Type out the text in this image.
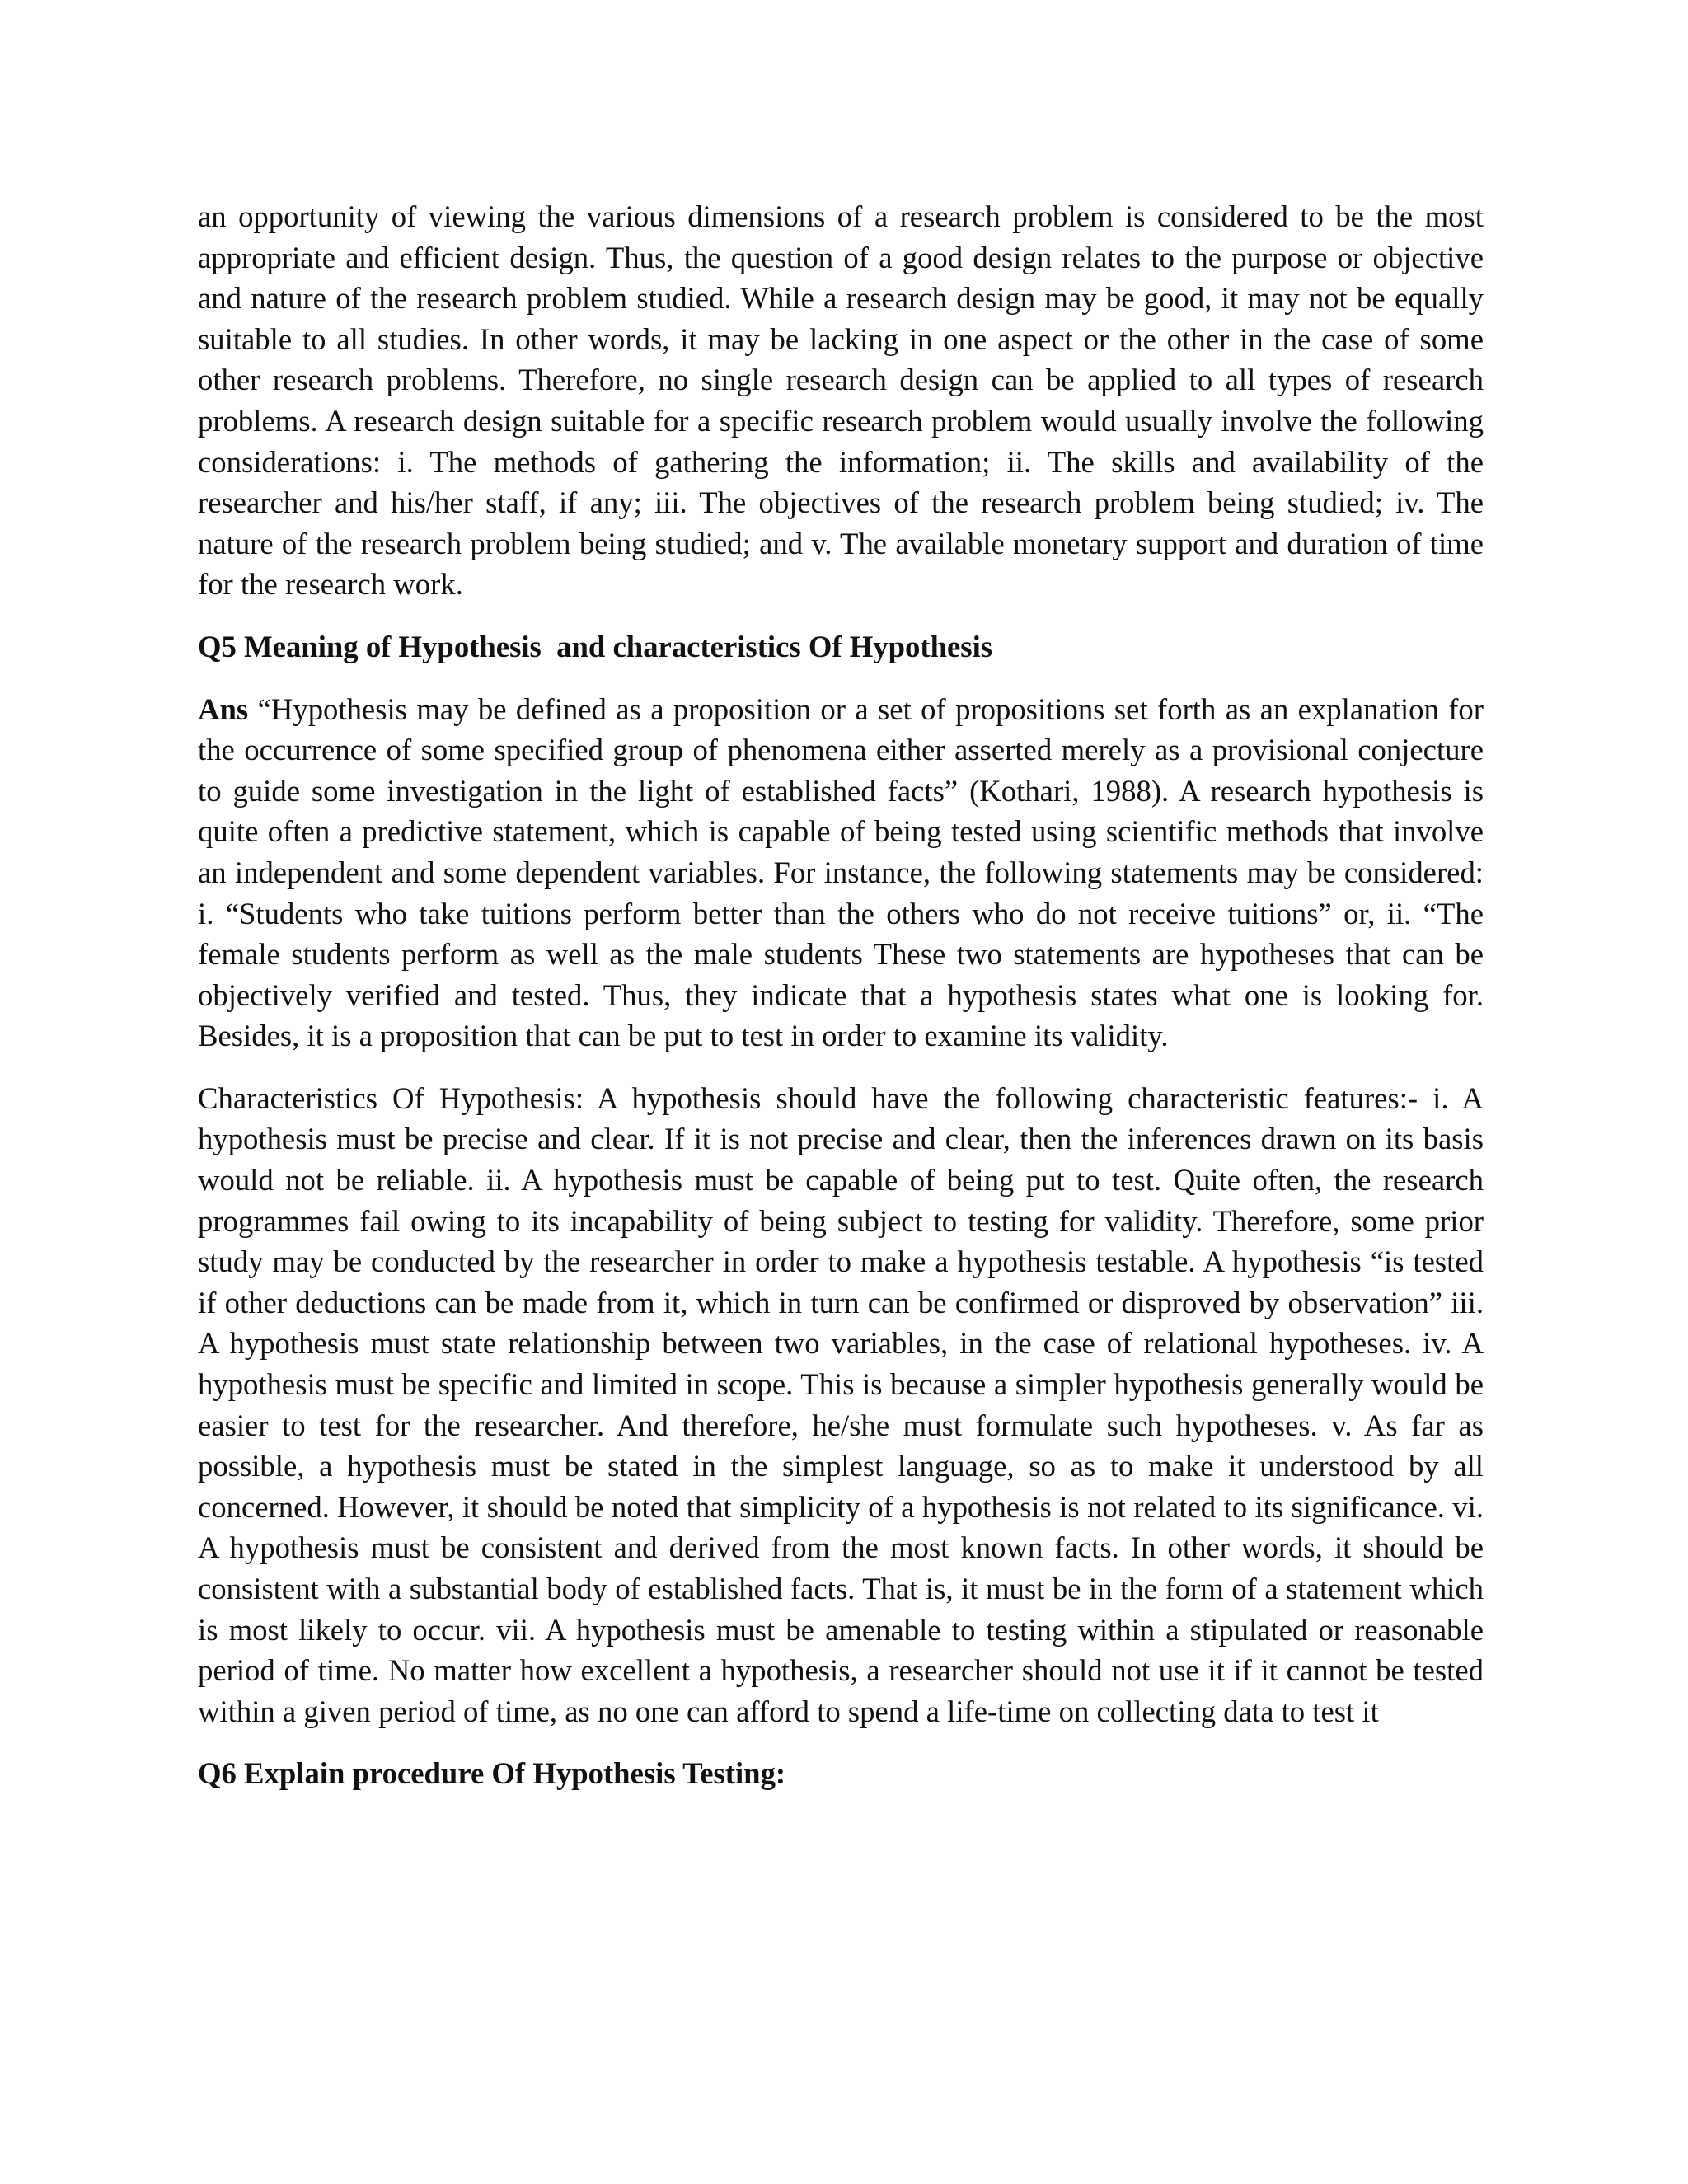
an opportunity of viewing the various dimensions of a research problem is considered to be the most appropriate and efficient design. Thus, the question of a good design relates to the purpose or objective and nature of the research problem studied. While a research design may be good, it may not be equally suitable to all studies. In other words, it may be lacking in one aspect or the other in the case of some other research problems. Therefore, no single research design can be applied to all types of research problems. A research design suitable for a specific research problem would usually involve the following considerations: i. The methods of gathering the information; ii. The skills and availability of the researcher and his/her staff, if any; iii. The objectives of the research problem being studied; iv. The nature of the research problem being studied; and v. The available monetary support and duration of time for the research work.

Q5 Meaning of Hypothesis  and characteristics Of Hypothesis

Ans “Hypothesis may be defined as a proposition or a set of propositions set forth as an explanation for the occurrence of some specified group of phenomena either asserted merely as a provisional conjecture to guide some investigation in the light of established facts” (Kothari, 1988). A research hypothesis is quite often a predictive statement, which is capable of being tested using scientific methods that involve an independent and some dependent variables. For instance, the following statements may be considered: i. “Students who take tuitions perform better than the others who do not receive tuitions” or, ii. “The female students perform as well as the male students These two statements are hypotheses that can be objectively verified and tested. Thus, they indicate that a hypothesis states what one is looking for. Besides, it is a proposition that can be put to test in order to examine its validity.

Characteristics Of Hypothesis: A hypothesis should have the following characteristic features:- i. A hypothesis must be precise and clear. If it is not precise and clear, then the inferences drawn on its basis would not be reliable. ii. A hypothesis must be capable of being put to test. Quite often, the research programmes fail owing to its incapability of being subject to testing for validity. Therefore, some prior study may be conducted by the researcher in order to make a hypothesis testable. A hypothesis “is tested if other deductions can be made from it, which in turn can be confirmed or disproved by observation” iii. A hypothesis must state relationship between two variables, in the case of relational hypotheses. iv. A hypothesis must be specific and limited in scope. This is because a simpler hypothesis generally would be easier to test for the researcher. And therefore, he/she must formulate such hypotheses. v. As far as possible, a hypothesis must be stated in the simplest language, so as to make it understood by all concerned. However, it should be noted that simplicity of a hypothesis is not related to its significance. vi. A hypothesis must be consistent and derived from the most known facts. In other words, it should be consistent with a substantial body of established facts. That is, it must be in the form of a statement which is most likely to occur. vii. A hypothesis must be amenable to testing within a stipulated or reasonable period of time. No matter how excellent a hypothesis, a researcher should not use it if it cannot be tested within a given period of time, as no one can afford to spend a life-time on collecting data to test it

Q6 Explain procedure Of Hypothesis Testing:
